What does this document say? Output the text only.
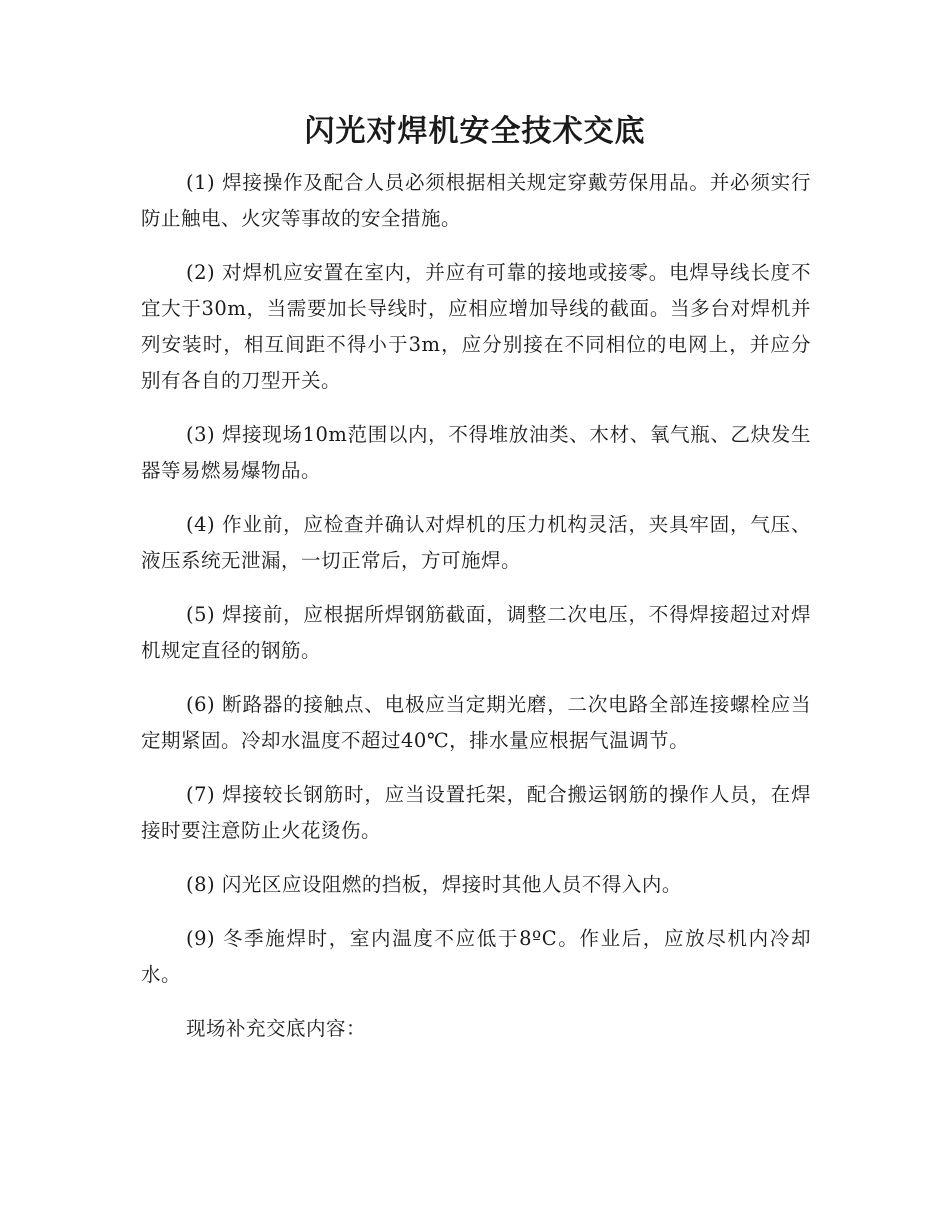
闪光对焊机安全技术交底

(1) 焊接操作及配合人员必须根据相关规定穿戴劳保用品。并必须实行防止触电、火灾等事故的安全措施。

(2) 对焊机应安置在室内，并应有可靠的接地或接零。电焊导线长度不宜大于30m，当需要加长导线时，应相应增加导线的截面。当多台对焊机并列安装时，相互间距不得小于3m，应分别接在不同相位的电网上，并应分别有各自的刀型开关。

(3) 焊接现场10m范围以内，不得堆放油类、木材、氧气瓶、乙炔发生器等易燃易爆物品。

(4) 作业前，应检查并确认对焊机的压力机构灵活，夹具牢固，气压、液压系统无泄漏，一切正常后，方可施焊。

(5) 焊接前，应根据所焊钢筋截面，调整二次电压，不得焊接超过对焊机规定直径的钢筋。

(6) 断路器的接触点、电极应当定期光磨，二次电路全部连接螺栓应当定期紧固。冷却水温度不超过40℃，排水量应根据气温调节。

(7) 焊接较长钢筋时，应当设置托架，配合搬运钢筋的操作人员，在焊接时要注意防止火花烫伤。

(8) 闪光区应设阻燃的挡板，焊接时其他人员不得入内。

(9) 冬季施焊时，室内温度不应低于8ºC。作业后，应放尽机内冷却水。

现场补充交底内容：
